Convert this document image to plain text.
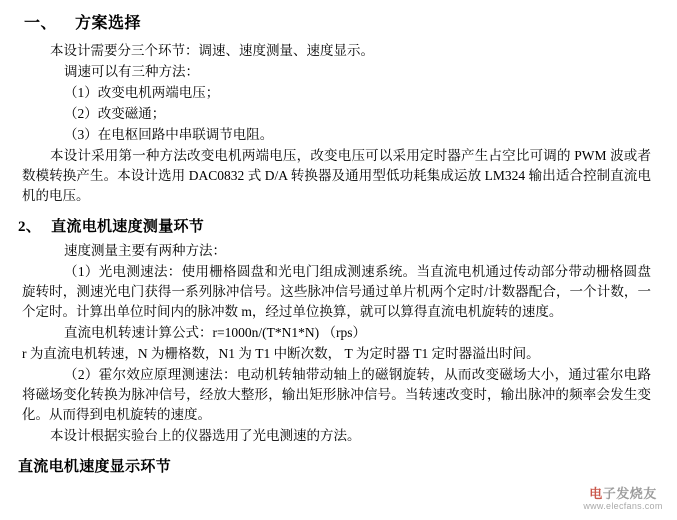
一、 方案选择

本设计需要分三个环节：调速、速度测量、速度显示。

调速可以有三种方法：

（1）改变电机两端电压；

（2）改变磁通；

（3）在电枢回路中串联调节电阻。

本设计采用第一种方法改变电机两端电压，改变电压可以采用定时器产生占空比可调的 PWM 波或者数模转换产生。本设计选用 DAC0832 式 D/A 转换器及通用型低功耗集成运放 LM324 输出适合控制直流电机的电压。

2、 直流电机速度测量环节

速度测量主要有两种方法：

（1）光电测速法：使用栅格圆盘和光电门组成测速系统。当直流电机通过传动部分带动栅格圆盘旋转时，测速光电门获得一系列脉冲信号。这些脉冲信号通过单片机两个定时/计数器配合，一个计数，一个定时。计算出单位时间内的脉冲数 m，经过单位换算，就可以算得直流电机旋转的速度。

直流电机转速计算公式：r=1000n/(T*N1*N) （rps）

r 为直流电机转速，N 为栅格数，N1 为 T1 中断次数， T 为定时器 T1 定时器溢出时间。

（2）霍尔效应原理测速法：电动机转轴带动轴上的磁钢旋转，从而改变磁场大小，通过霍尔电路将磁场变化转换为脉冲信号，经放大整形，输出矩形脉冲信号。当转速改变时，输出脉冲的频率会发生变化。从而得到电机旋转的速度。

本设计根据实验台上的仪器选用了光电测速的方法。

直流电机速度显示环节
电子发烧友
www.elecfans.com
